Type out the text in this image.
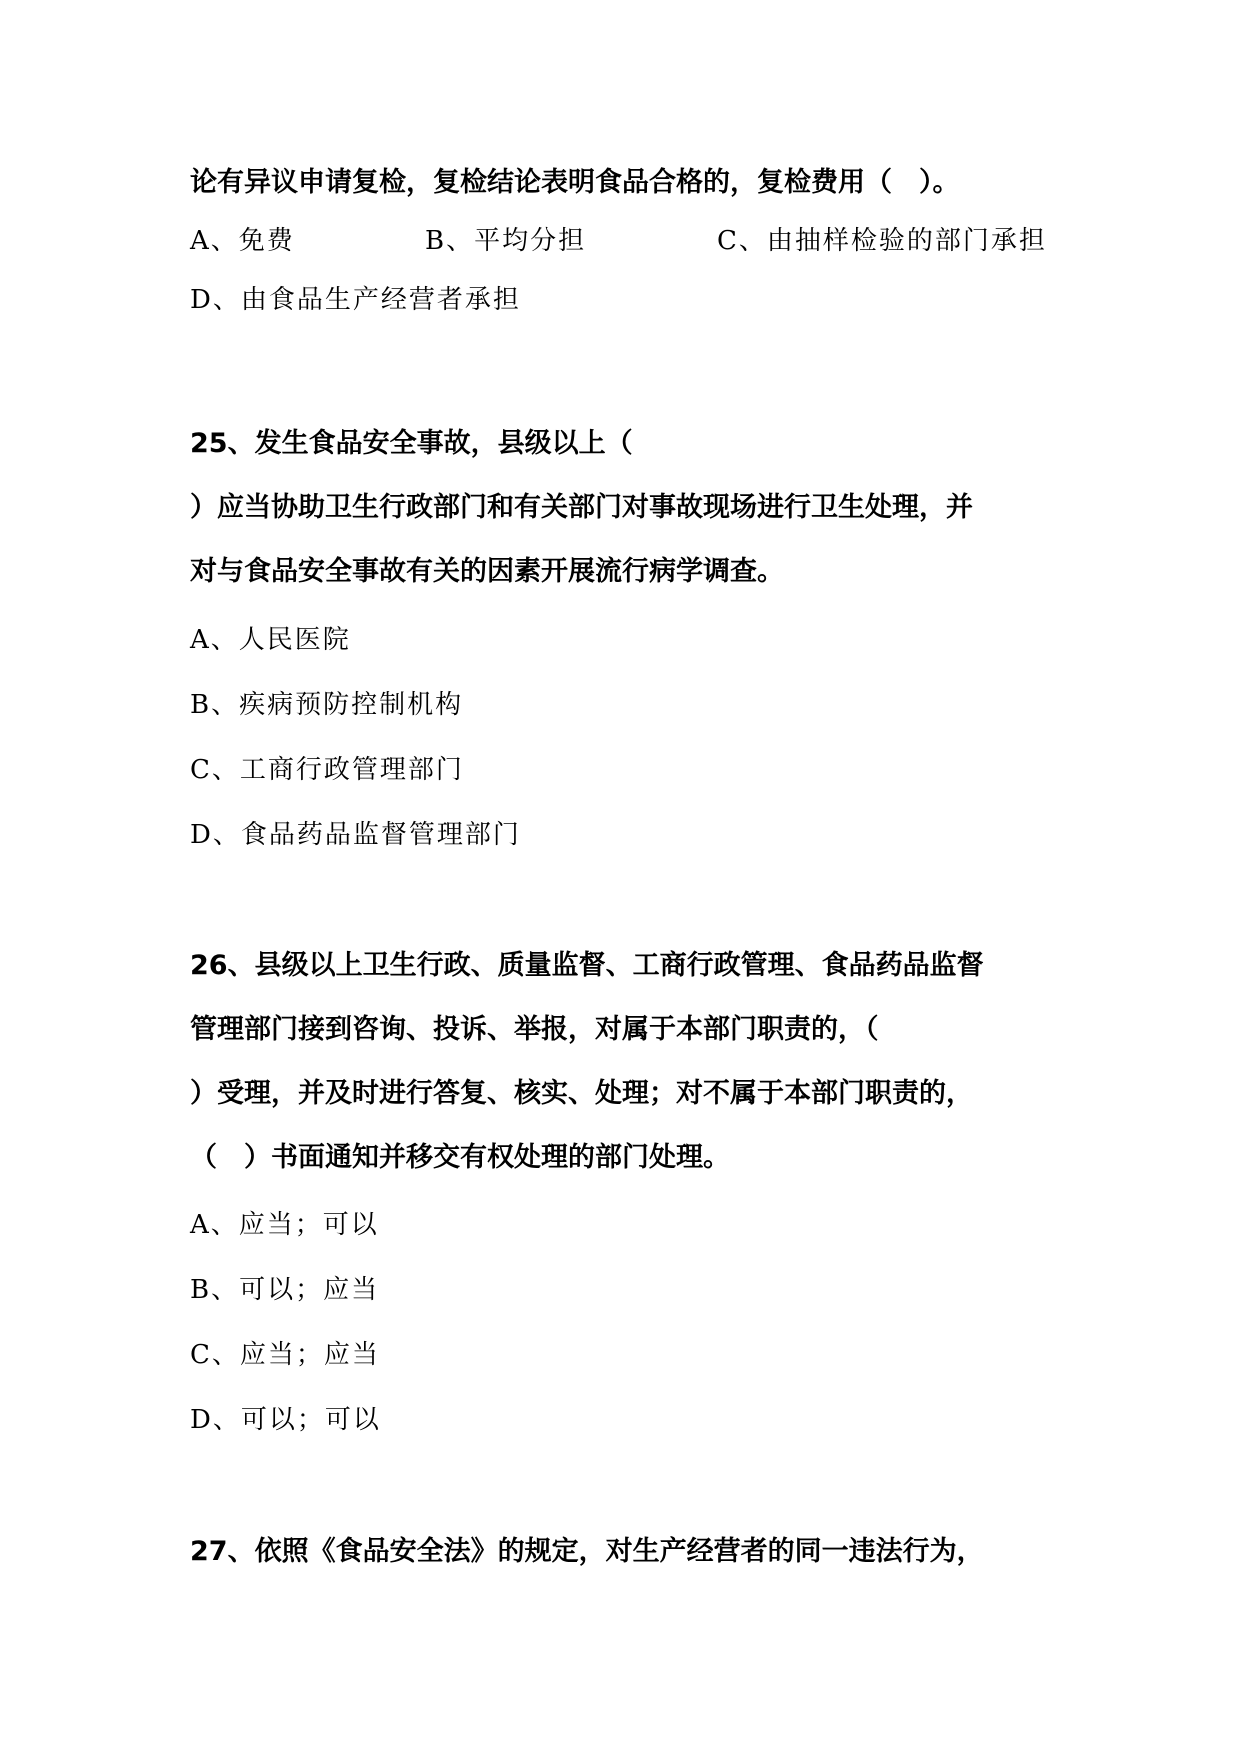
论有异议申请复检，复检结论表明食品合格的，复检费用（　）。
A、免费	B、平均分担	C、由抽样检验的部门承担
D、由食品生产经营者承担
25、发生食品安全事故，县级以上（
）应当协助卫生行政部门和有关部门对事故现场进行卫生处理，并
对与食品安全事故有关的因素开展流行病学调查。
A、人民医院
B、疾病预防控制机构
C、工商行政管理部门
D、食品药品监督管理部门
26、县级以上卫生行政、质量监督、工商行政管理、食品药品监督
管理部门接到咨询、投诉、举报，对属于本部门职责的，（
）受理，并及时进行答复、核实、处理；对不属于本部门职责的，
（　）书面通知并移交有权处理的部门处理。
A、应当；可以
B、可以；应当
C、应当；应当
D、可以；可以
27、依照《食品安全法》的规定，对生产经营者的同一违法行为，
